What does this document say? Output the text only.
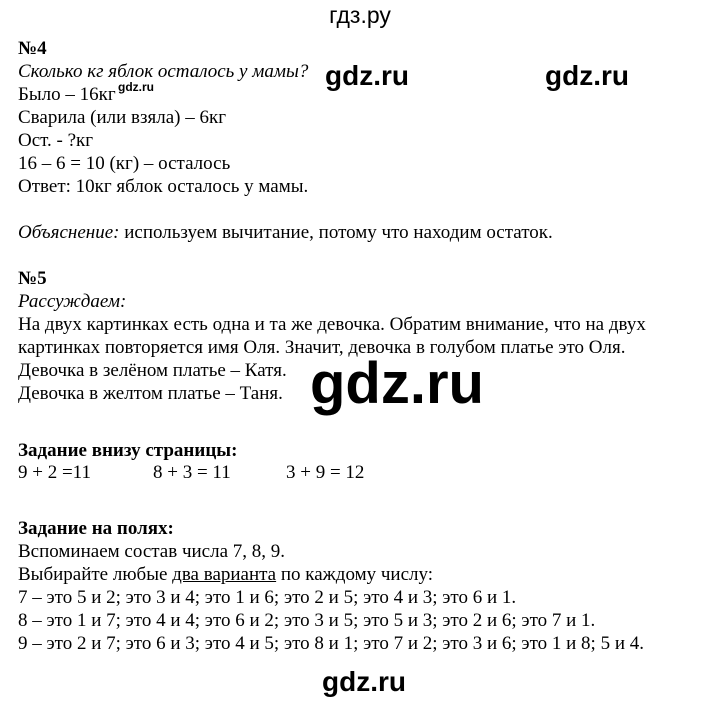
гдз.ру
№4
Сколько кг яблок осталось у мамы?
Было – 16кг
Сварила (или взяла) – 6кг
Ост. - ?кг
16 – 6 = 10 (кг) – осталось
Ответ: 10кг яблок осталось у мамы.
Объяснение: используем вычитание, потому что находим остаток.
№5
Рассуждаем:
На двух картинках есть одна и та же девочка. Обратим внимание, что на двух
картинках повторяется имя Оля. Значит, девочка в голубом платье это Оля.
Девочка в зелёном платье – Катя.
Девочка в желтом платье – Таня.
Задание внизу страницы:
9 + 2 =11	8 + 3 = 11	3 + 9 = 12
Задание на полях:
Вспоминаем состав числа 7, 8, 9.
Выбирайте любые два варианта по каждому числу:
7 – это 5 и 2; это 3 и 4; это 1 и 6; это 2 и 5; это 4 и 3; это 6 и 1.
8 – это 1 и 7; это 4 и 4; это 6 и 2; это 3 и 5; это 5 и 3; это 2 и 6; это 7 и 1.
9 – это 2 и 7; это 6 и 3; это 4 и 5; это 8 и 1; это 7 и 2; это 3 и 6; это 1 и 8; 5 и 4.
gdz.ru	gdz.ru
gdz.ru
gdz.ru
gdz.ru
